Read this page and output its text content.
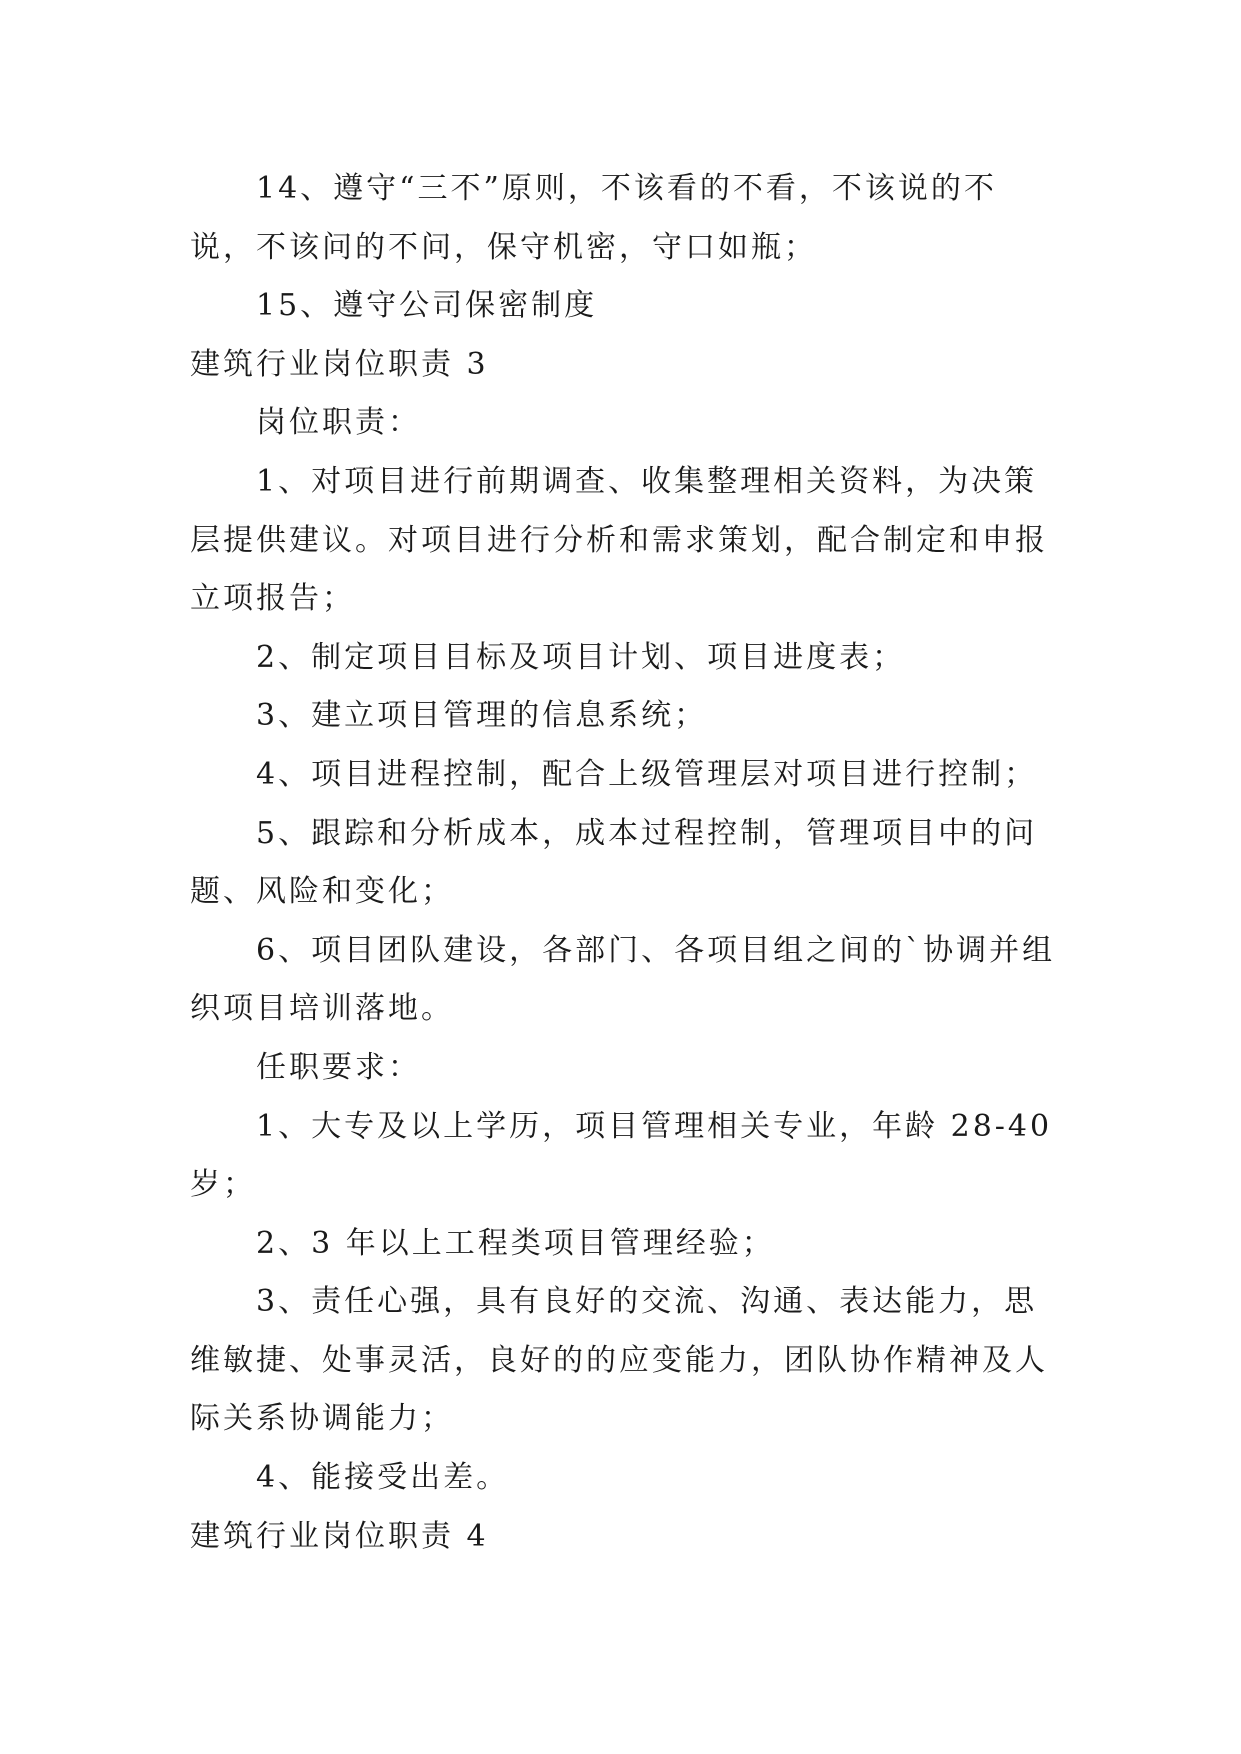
14、遵守“三不”原则，不该看的不看，不该说的不说，不该问的不问，保守机密，守口如瓶；

15、遵守公司保密制度

建筑行业岗位职责 3

岗位职责：

1、对项目进行前期调查、收集整理相关资料，为决策层提供建议。对项目进行分析和需求策划，配合制定和申报立项报告；

2、制定项目目标及项目计划、项目进度表；

3、建立项目管理的信息系统；

4、项目进程控制，配合上级管理层对项目进行控制；

5、跟踪和分析成本，成本过程控制，管理项目中的问题、风险和变化；

6、项目团队建设，各部门、各项目组之间的`协调并组织项目培训落地。

任职要求：

1、大专及以上学历，项目管理相关专业，年龄 28-40 岁；

2、3 年以上工程类项目管理经验；

3、责任心强，具有良好的交流、沟通、表达能力，思维敏捷、处事灵活，良好的的应变能力，团队协作精神及人际关系协调能力；

4、能接受出差。

建筑行业岗位职责 4
